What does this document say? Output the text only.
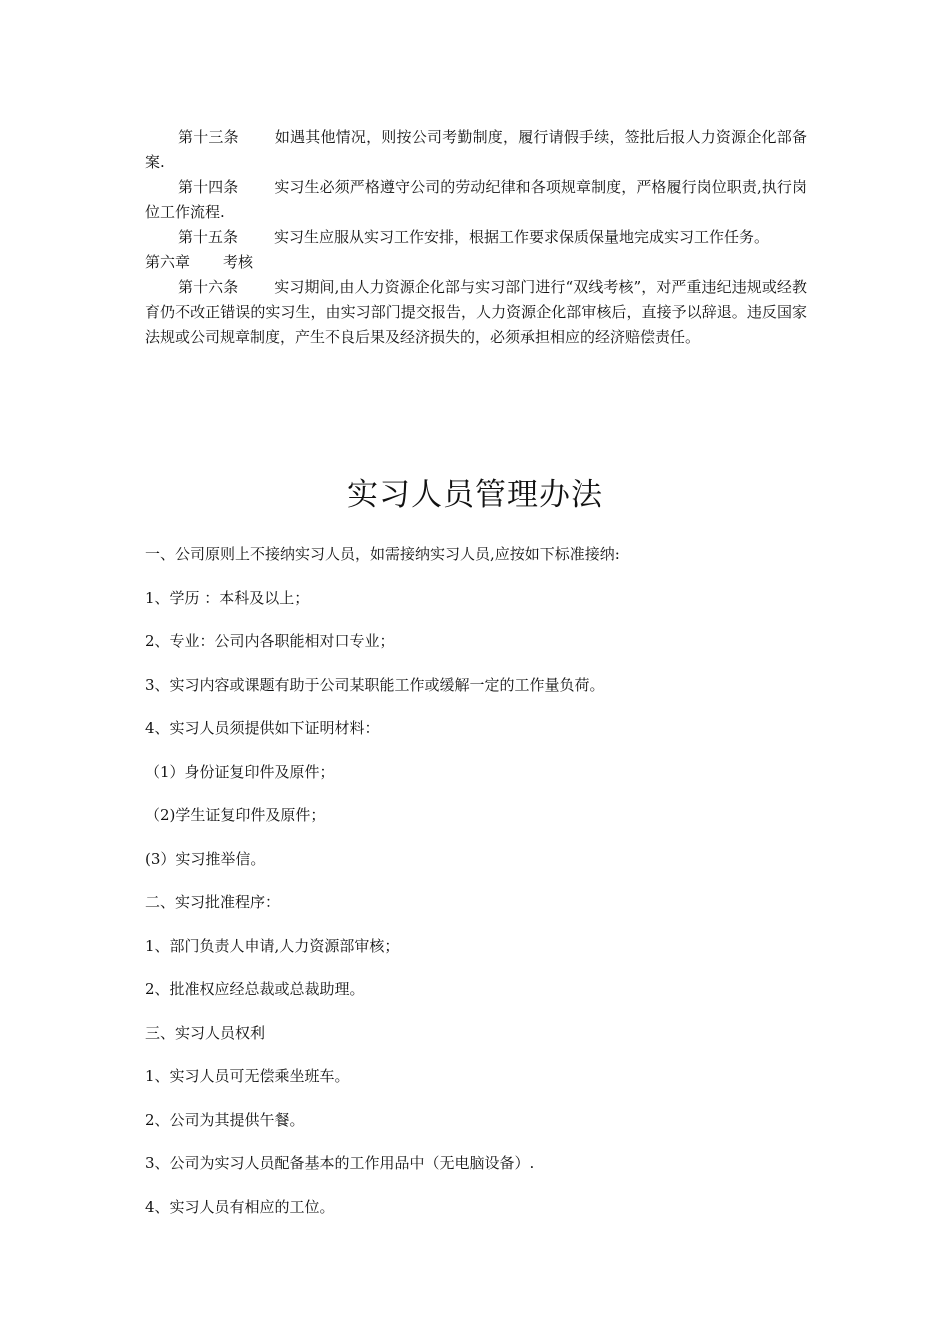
第十三条 如遇其他情况，则按公司考勤制度，履行请假手续，签批后报人力资源企化部备案.

第十四条 实习生必须严格遵守公司的劳动纪律和各项规章制度，严格履行岗位职责,执行岗位工作流程.

第十五条 实习生应服从实习工作安排，根据工作要求保质保量地完成实习工作任务。

第六章 考核

第十六条 实习期间,由人力资源企化部与实习部门进行“双线考核”，对严重违纪违规或经教育仍不改正错误的实习生，由实习部门提交报告，人力资源企化部审核后，直接予以辞退。违反国家法规或公司规章制度，产生不良后果及经济损失的，必须承担相应的经济赔偿责任。

实习人员管理办法

一、公司原则上不接纳实习人员，如需接纳实习人员,应按如下标准接纳:

1、学历 ：本科及以上；

2、专业：公司内各职能相对口专业；

3、实习内容或课题有助于公司某职能工作或缓解一定的工作量负荷。

4、实习人员须提供如下证明材料：

（1）身份证复印件及原件；

（2)学生证复印件及原件；

(3）实习推举信。

二、实习批准程序：

1、部门负责人申请,人力资源部审核；

2、批准权应经总裁或总裁助理。

三、实习人员权利

1、实习人员可无偿乘坐班车。

2、公司为其提供午餐。

3、公司为实习人员配备基本的工作用品中（无电脑设备）.

4、实习人员有相应的工位。
